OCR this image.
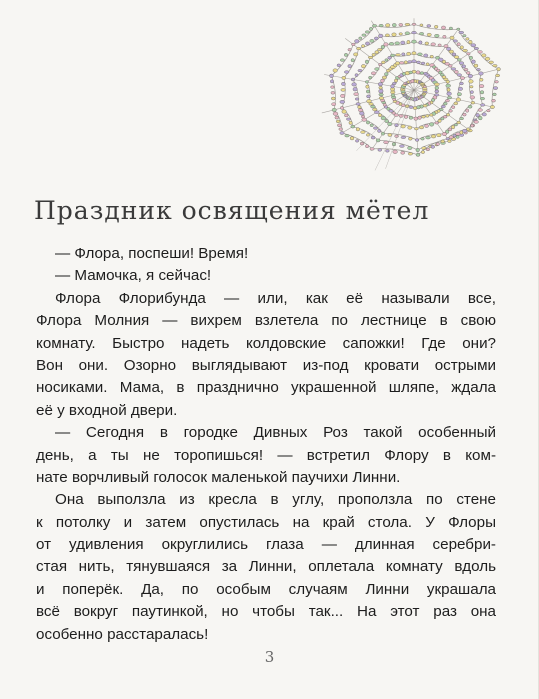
Праздник освящения мётел
— Флора, поспеши! Время!
— Мамочка, я сейчас!
Флора Флорибунда — или, как её называли все,
Флора Молния — вихрем взлетела по лестнице в свою
комнату. Быстро надеть колдовские сапожки! Где они?
Вон они. Озорно выглядывают из-под кровати острыми
носиками. Мама, в празднично украшенной шляпе, ждала
её у входной двери.
— Сегодня в городке Дивных Роз такой особенный
день, а ты не торопишься! — встретил Флору в ком-
нате ворчливый голосок маленькой паучихи Линни.
Она выползла из кресла в углу, проползла по стене
к потолку и затем опустилась на край стола. У Флоры
от удивления округлились глаза — длинная серебри-
стая нить, тянувшаяся за Линни, оплетала комнату вдоль
и поперёк. Да, по особым случаям Линни украшала
всё вокруг паутинкой, но чтобы так... На этот раз она
особенно расстаралась!
3
